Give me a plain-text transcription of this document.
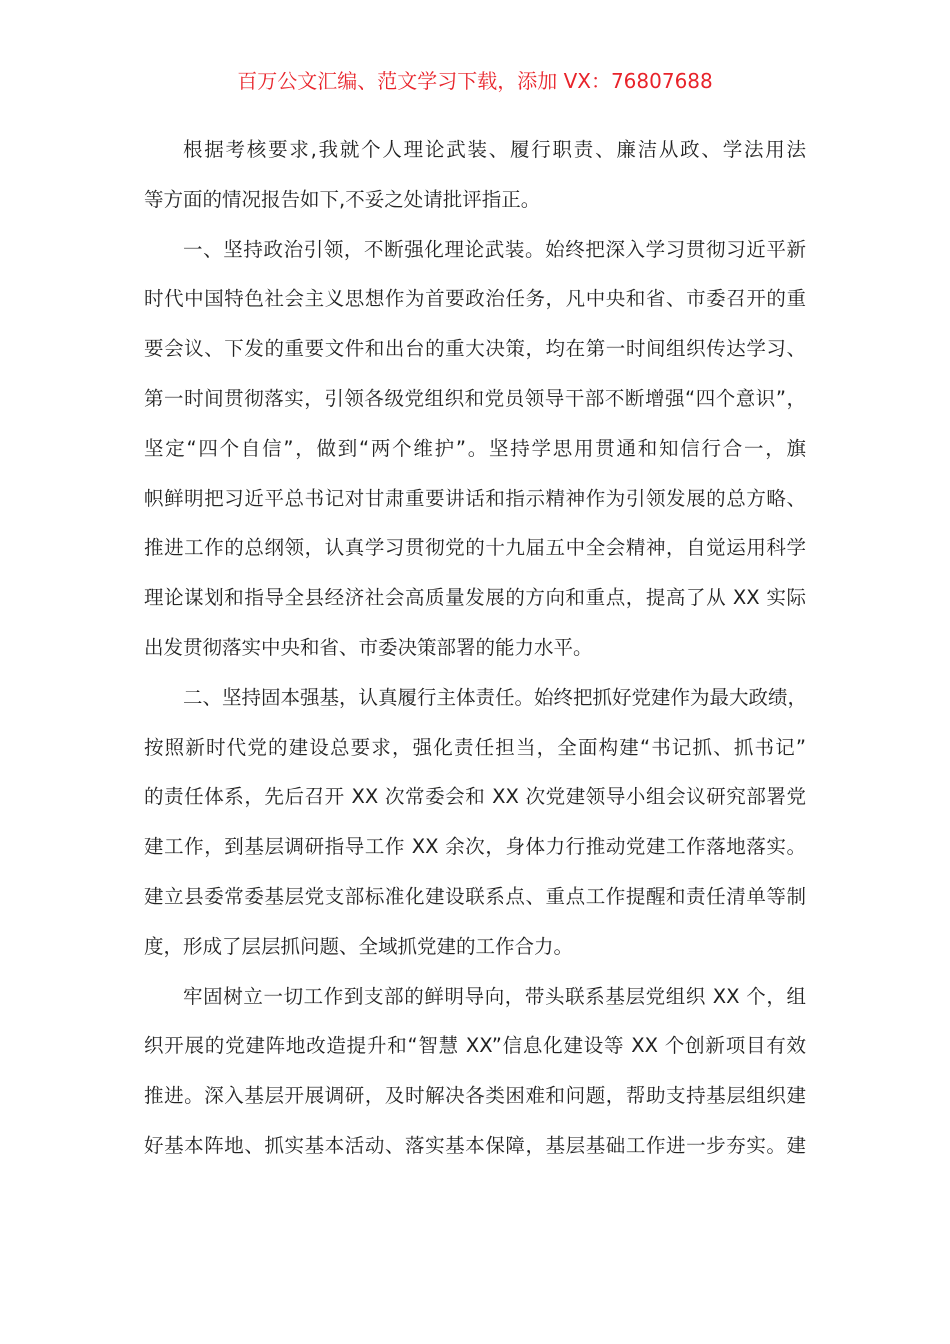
百万公文汇编、范文学习下载，添加 VX：76807688
根据考核要求,我就个人理论武装、履行职责、廉洁从政、学法用法
等方面的情况报告如下,不妥之处请批评指正。
一、坚持政治引领，不断强化理论武装。始终把深入学习贯彻习近平新
时代中国特色社会主义思想作为首要政治任务，凡中央和省、市委召开的重
要会议、下发的重要文件和出台的重大决策，均在第一时间组织传达学习、
第一时间贯彻落实，引领各级党组织和党员领导干部不断增强“四个意识”，
坚定“四个自信”，做到“两个维护”。坚持学思用贯通和知信行合一，旗
帜鲜明把习近平总书记对甘肃重要讲话和指示精神作为引领发展的总方略、
推进工作的总纲领，认真学习贯彻党的十九届五中全会精神，自觉运用科学
理论谋划和指导全县经济社会高质量发展的方向和重点，提高了从 XX 实际
出发贯彻落实中央和省、市委决策部署的能力水平。
二、坚持固本强基，认真履行主体责任。始终把抓好党建作为最大政绩，
按照新时代党的建设总要求，强化责任担当，全面构建“书记抓、抓书记”
的责任体系，先后召开 XX 次常委会和 XX 次党建领导小组会议研究部署党
建工作，到基层调研指导工作 XX 余次，身体力行推动党建工作落地落实。
建立县委常委基层党支部标准化建设联系点、重点工作提醒和责任清单等制
度，形成了层层抓问题、全域抓党建的工作合力。
牢固树立一切工作到支部的鲜明导向，带头联系基层党组织 XX 个，组
织开展的党建阵地改造提升和“智慧 XX”信息化建设等 XX 个创新项目有效
推进。深入基层开展调研，及时解决各类困难和问题，帮助支持基层组织建
好基本阵地、抓实基本活动、落实基本保障，基层基础工作进一步夯实。建
